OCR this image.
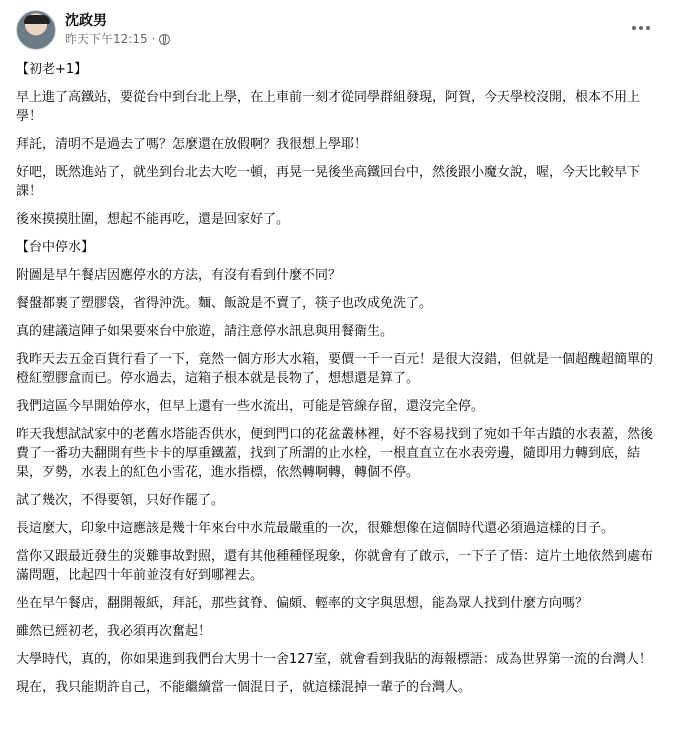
沈政男
昨天下午12:15 ·

【初老+1】

早上進了高鐵站，要從台中到台北上學，在上車前一刻才從同學群組發現，阿賀，今天學校沒開，根本不用上學！

拜託，清明不是過去了嗎？怎麼還在放假啊？我很想上學耶！

好吧，既然進站了，就坐到台北去大吃一頓，再晃一晃後坐高鐵回台中，然後跟小魔女說，喔，今天比較早下課！

後來摸摸肚圍，想起不能再吃，還是回家好了。

【台中停水】

附圖是早午餐店因應停水的方法，有沒有看到什麼不同？

餐盤都裹了塑膠袋，省得沖洗。麵、飯說是不賣了，筷子也改成免洗了。

真的建議這陣子如果要來台中旅遊，請注意停水訊息與用餐衛生。

我昨天去五金百貨行看了一下，竟然一個方形大水箱，要價一千一百元！是很大沒錯，但就是一個超醜超簡單的橙紅塑膠盒而已。停水過去，這箱子根本就是長物了，想想還是算了。

我們這區今早開始停水，但早上還有一些水流出，可能是管線存留，還沒完全停。

昨天我想試試家中的老舊水塔能否供水，便到門口的花盆叢林裡，好不容易找到了宛如千年古蹟的水表蓋，然後費了一番功夫翻開有些卡卡的厚重鐵蓋，找到了所謂的止水栓，一根直直立在水表旁邊，隨即用力轉到底，結果，歹勢，水表上的紅色小雪花，進水指標，依然轉啊轉，轉個不停。

試了幾次，不得要領，只好作罷了。

長這麼大，印象中這應該是幾十年來台中水荒最嚴重的一次，很難想像在這個時代還必須過這樣的日子。

當你又跟最近發生的災難事故對照，還有其他種種怪現象，你就會有了啟示，一下子了悟：這片土地依然到處布滿問題，比起四十年前並沒有好到哪裡去。

坐在早午餐店，翻開報紙，拜託，那些貧脊、偏頗、輕率的文字與思想，能為眾人找到什麼方向嗎？

雖然已經初老，我必須再次奮起！

大學時代，真的，你如果進到我們台大男十一舍127室，就會看到我貼的海報標語：成為世界第一流的台灣人！

現在，我只能期許自己，不能繼續當一個混日子，就這樣混掉一輩子的台灣人。
